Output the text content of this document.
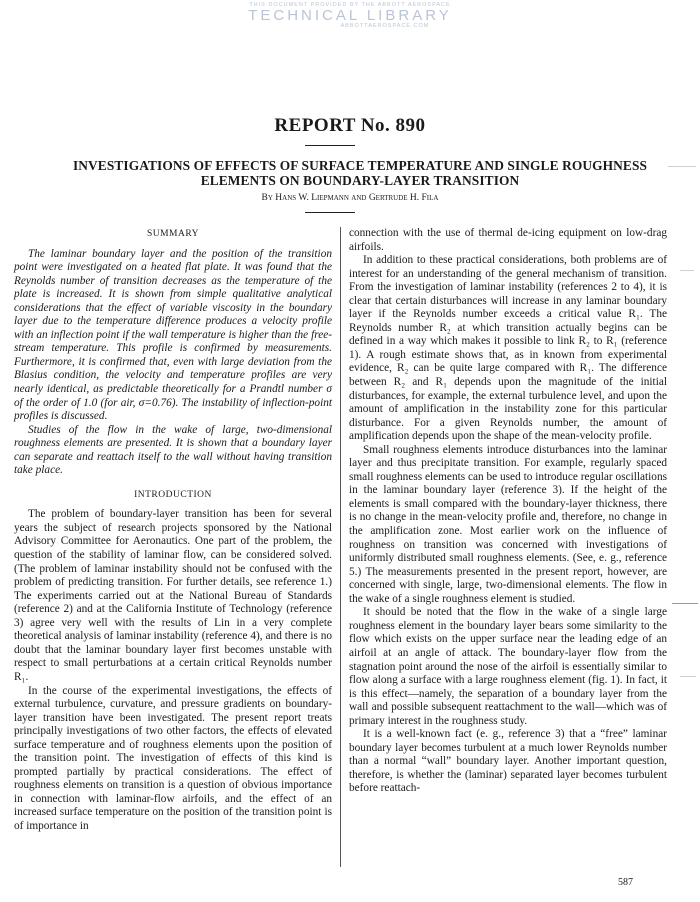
THIS DOCUMENT PROVIDED BY THE ABBOTT AEROSPACE
TECHNICAL LIBRARY
ABBOTTAEROSPACE.COM
REPORT No. 890
INVESTIGATIONS OF EFFECTS OF SURFACE TEMPERATURE AND SINGLE ROUGHNESS
ELEMENTS ON BOUNDARY-LAYER TRANSITION
By Hans W. Liepmann and Gertrude H. Fila
SUMMARY

The laminar boundary layer and the position of the transition point were investigated on a heated flat plate. It was found that the Reynolds number of transition decreases as the temperature of the plate is increased. It is shown from simple qualitative analytical considerations that the effect of variable viscosity in the boundary layer due to the temperature difference produces a velocity profile with an inflection point if the wall temperature is higher than the free-stream temperature. This profile is confirmed by measurements. Furthermore, it is confirmed that, even with large deviation from the Blasius condition, the velocity and temperature profiles are very nearly identical, as predictable theoretically for a Prandtl number σ of the order of 1.0 (for air, σ=0.76). The instability of inflection-point profiles is discussed.

Studies of the flow in the wake of large, two-dimensional roughness elements are presented. It is shown that a boundary layer can separate and reattach itself to the wall without having transition take place.

INTRODUCTION

The problem of boundary-layer transition has been for several years the subject of research projects sponsored by the National Advisory Committee for Aeronautics. One part of the problem, the question of the stability of laminar flow, can be considered solved. (The problem of laminar instability should not be confused with the problem of predicting transition. For further details, see reference 1.) The experiments carried out at the National Bureau of Standards (reference 2) and at the California Institute of Technology (reference 3) agree very well with the results of Lin in a very complete theoretical analysis of laminar instability (reference 4), and there is no doubt that the laminar boundary layer first becomes unstable with respect to small perturbations at a certain critical Reynolds number R₁.

In the course of the experimental investigations, the effects of external turbulence, curvature, and pressure gradients on boundary-layer transition have been investigated. The present report treats principally investigations of two other factors, the effects of elevated surface temperature and of roughness elements upon the position of the transition point. The investigation of effects of this kind is prompted partially by practical considerations. The effect of roughness elements on transition is a question of obvious importance in connection with laminar-flow airfoils, and the effect of an increased surface temperature on the position of the transition point is of importance in

connection with the use of thermal de-icing equipment on low-drag airfoils.

In addition to these practical considerations, both problems are of interest for an understanding of the general mechanism of transition. From the investigation of laminar instability (references 2 to 4), it is clear that certain disturbances will increase in any laminar boundary layer if the Reynolds number exceeds a critical value R₁. The Reynolds number R₂ at which transition actually begins can be defined in a way which makes it possible to link R₂ to R₁ (reference 1). A rough estimate shows that, as in known from experimental evidence, R₂ can be quite large compared with R₁. The difference between R₂ and R₁ depends upon the magnitude of the initial disturbances, for example, the external turbulence level, and upon the amount of amplification in the instability zone for this particular disturbance. For a given Reynolds number, the amount of amplification depends upon the shape of the mean-velocity profile.

Small roughness elements introduce disturbances into the laminar layer and thus precipitate transition. For example, regularly spaced small roughness elements can be used to introduce regular oscillations in the laminar boundary layer (reference 3). If the height of the elements is small compared with the boundary-layer thickness, there is no change in the mean-velocity profile and, therefore, no change in the amplification zone. Most earlier work on the influence of roughness on transition was concerned with investigations of uniformly distributed small roughness elements. (See, e. g., reference 5.) The measurements presented in the present report, however, are concerned with single, large, two-dimensional elements. The flow in the wake of a single roughness element is studied.

It should be noted that the flow in the wake of a single large roughness element in the boundary layer bears some similarity to the flow which exists on the upper surface near the leading edge of an airfoil at an angle of attack. The boundary-layer flow from the stagnation point around the nose of the airfoil is essentially similar to flow along a surface with a large roughness element (fig. 1). In fact, it is this effect—namely, the separation of a boundary layer from the wall and possible subsequent reattachment to the wall—which was of primary interest in the roughness study.

It is a well-known fact (e. g., reference 3) that a “free” laminar boundary layer becomes turbulent at a much lower Reynolds number than a normal “wall” boundary layer. Another important question, therefore, is whether the (laminar) separated layer becomes turbulent before reattach-

587
